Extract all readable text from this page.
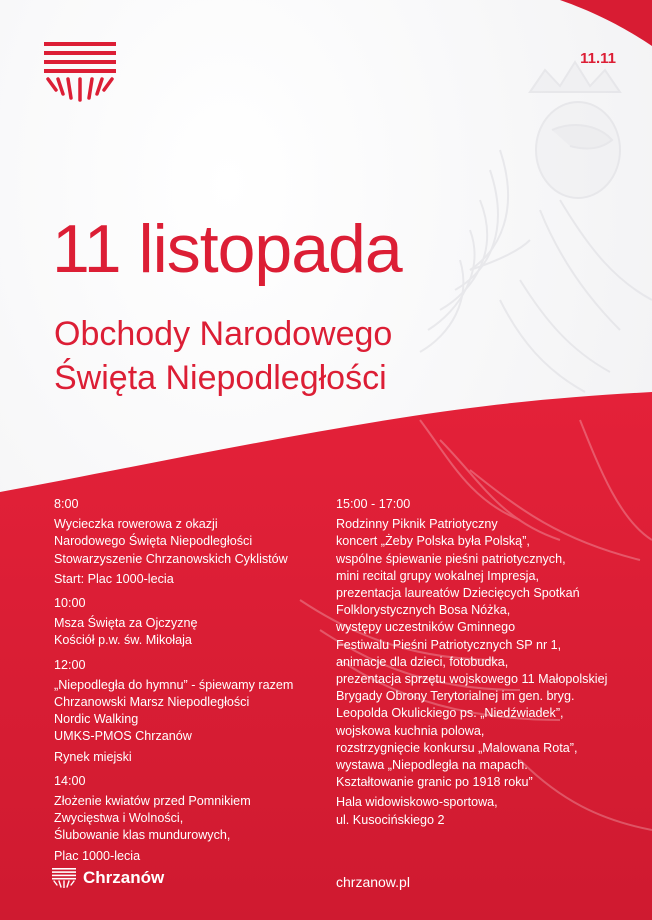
11.11
11 listopada
Obchody Narodowego
Święta Niepodległości
8:00
Wycieczka rowerowa z okazji
Narodowego Święta Niepodległości
Stowarzyszenie Chrzanowskich Cyklistów
Start: Plac 1000-lecia
10:00
Msza Święta za Ojczyznę
Kościół p.w. św. Mikołaja
12:00
„Niepodległa do hymnu” - śpiewamy razem
Chrzanowski Marsz Niepodległości
Nordic Walking
UMKS-PMOS Chrzanów
Rynek miejski
14:00
Złożenie kwiatów przed Pomnikiem
Zwycięstwa i Wolności,
Ślubowanie klas mundurowych,
Plac 1000-lecia
15:00 - 17:00
Rodzinny Piknik Patriotyczny
koncert „Żeby Polska była Polską”,
wspólne śpiewanie pieśni patriotycznych,
mini recital grupy wokalnej Impresja,
prezentacja laureatów Dziecięcych Spotkań
Folklorystycznych Bosa Nóżka,
występy uczestników Gminnego
Festiwalu Pieśni Patriotycznych SP nr 1,
animacje dla dzieci, fotobudka,
prezentacja sprzętu wojskowego 11 Małopolskiej
Brygady Obrony Terytorialnej im gen. bryg.
Leopolda Okulickiego ps. „Niedźwiadek”,
wojskowa kuchnia polowa,
rozstrzygnięcie konkursu „Malowana Rota”,
wystawa „Niepodległa na mapach.
Kształtowanie granic po 1918 roku”
Hala widowiskowo-sportowa,
ul. Kusocińskiego 2
Chrzanów	chrzanow.pl
